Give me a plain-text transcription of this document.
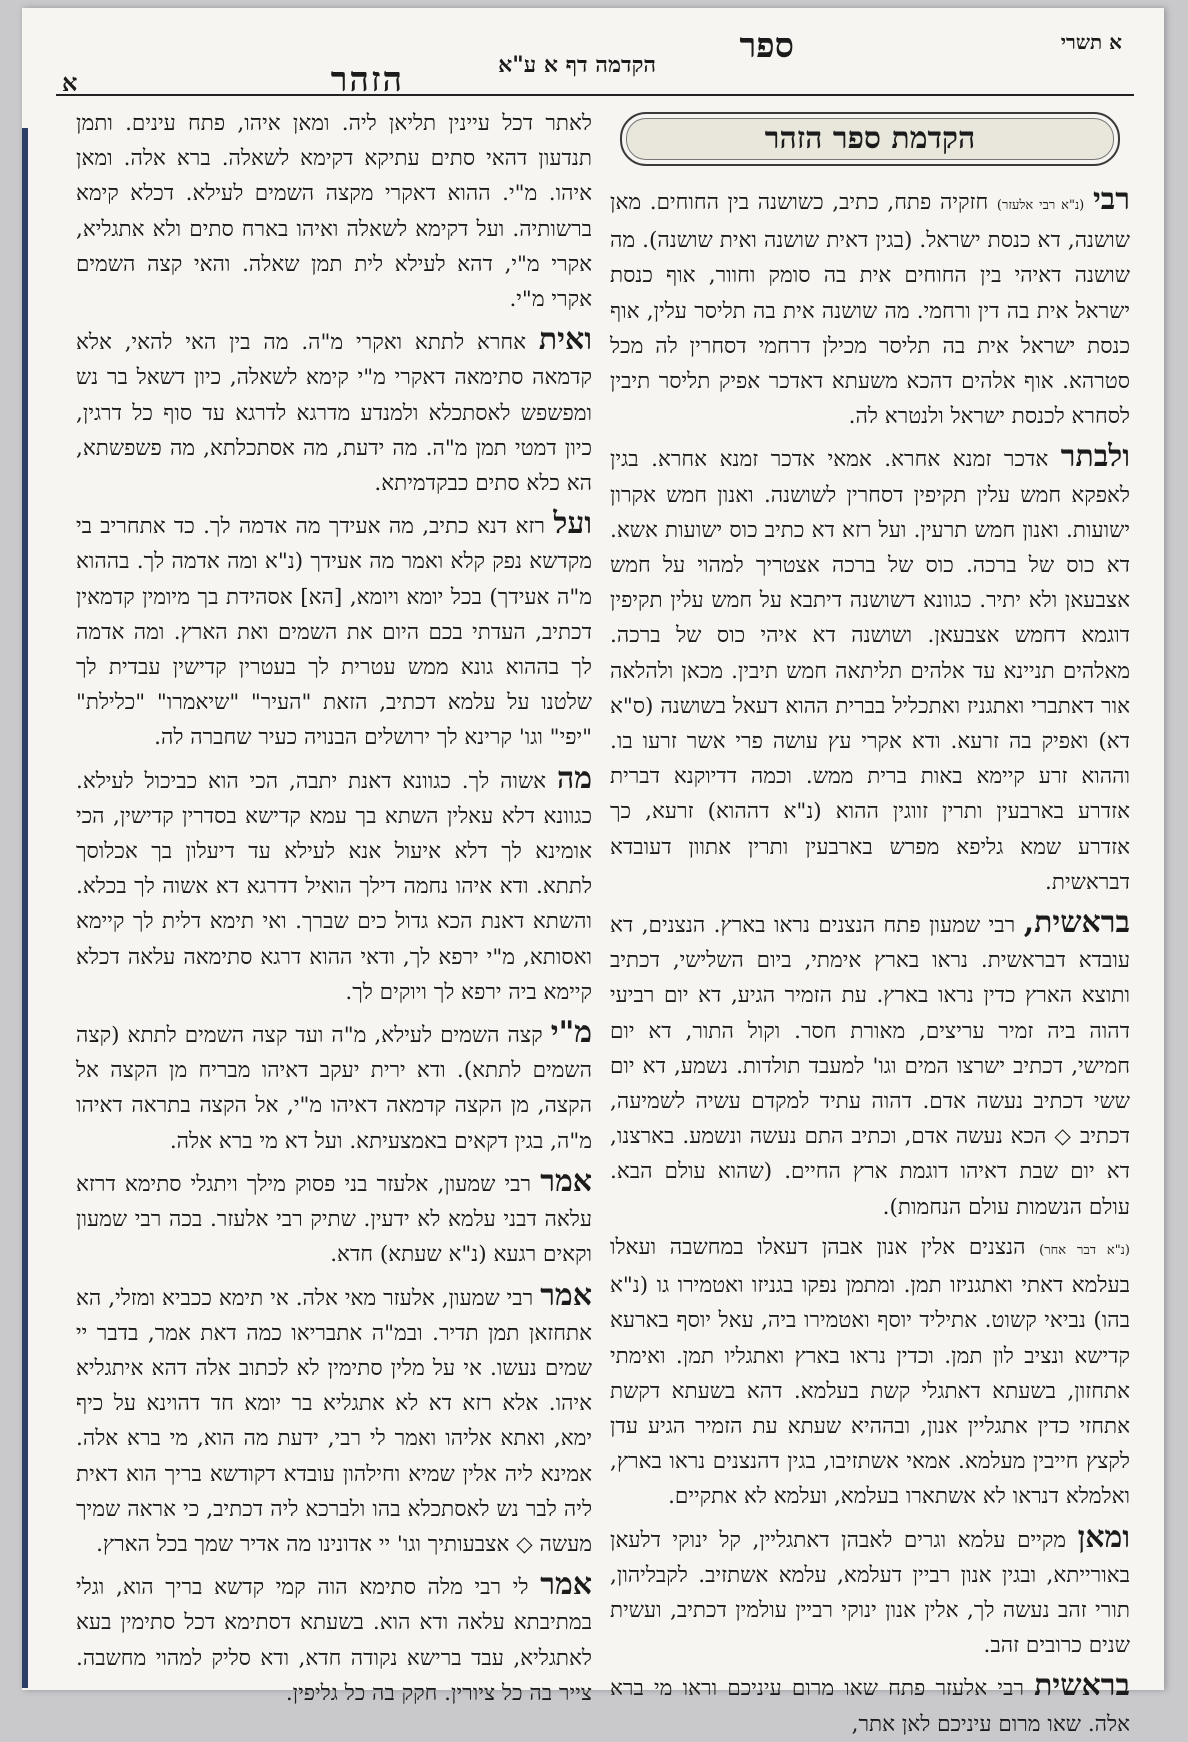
א תשרי
ספר
הקדמה דף א ע"א
הזהר
א
הקדמת ספר הזהר

רבי (נ"א רבי אלעזר) חזקיה פתח, כתיב, כשושנה בין החוחים. מאן שושנה, דא כנסת ישראל. (בגין דאית שושנה ואית שושנה). מה שושנה דאיהי בין החוחים אית בה סומק וחוור, אוף כנסת ישראל אית בה דין ורחמי. מה שושנה אית בה תליסר עלין, אוף כנסת ישראל אית בה תליסר מכילן דרחמי דסחרין לה מכל סטרהא. אוף אלהים דהכא משעתא דאדכר אפיק תליסר תיבין לסחרא לכנסת ישראל ולנטרא לה.

ולבתר אדכר זמנא אחרא. אמאי אדכר זמנא אחרא. בגין לאפקא חמש עלין תקיפין דסחרין לשושנה. ואנון חמש אקרון ישועות. ואנון חמש תרעין. ועל רזא דא כתיב כוס ישועות אשא. דא כוס של ברכה. כוס של ברכה אצטריך למהוי על חמש אצבעאן ולא יתיר. כגוונא דשושנה דיתבא על חמש עלין תקיפין דוגמא דחמש אצבעאן. ושושנה דא איהי כוס של ברכה. מאלהים תניינא עד אלהים תליתאה חמש תיבין. מכאן ולהלאה אור דאתברי ואתגניז ואתכליל בברית ההוא דעאל בשושנה (ס"א דא) ואפיק בה זרעא. ודא אקרי עץ עושה פרי אשר זרעו בו. וההוא זרע קיימא באות ברית ממש. וכמה דדיוקנא דברית אזדרע בארבעין ותרין זווגין ההוא (נ"א דההוא) זרעא, כך אזדרע שמא גליפא מפרש בארבעין ותרין אתוון דעובדא דבראשית.

בראשית, רבי שמעון פתח הנצנים נראו בארץ. הנצנים, דא עובדא דבראשית. נראו בארץ אימתי, ביום השלישי, דכתיב ותוצא הארץ כדין נראו בארץ. עת הזמיר הגיע, דא יום רביעי דהוה ביה זמיר עריצים, מאורת חסר. וקול התור, דא יום חמישי, דכתיב ישרצו המים וגו' למעבד תולדות. נשמע, דא יום ששי דכתיב נעשה אדם. דהוה עתיד למקדם עשיה לשמיעה, דכתיב ◇ הכא נעשה אדם, וכתיב התם נעשה ונשמע. בארצנו, דא יום שבת דאיהו דוגמת ארץ החיים. (שהוא עולם הבא. עולם הנשמות עולם הנחמות).

(נ"א דבר אחר) הנצנים אלין אנון אבהן דעאלו במחשבה ועאלו בעלמא דאתי ואתגניזו תמן. ומתמן נפקו בגניזו ואטמירו גו (נ"א בהו) נביאי קשוט. אתיליד יוסף ואטמירו ביה, עאל יוסף בארעא קדישא ונציב לון תמן. וכדין נראו בארץ ואתגליו תמן. ואימתי אתחזון, בשעתא דאתגלי קשת בעלמא. דהא בשעתא דקשת אתחזי כדין אתגליין אנון, ובההיא שעתא עת הזמיר הגיע עדן לקצץ חייבין מעלמא. אמאי אשתזיבו, בגין דהנצנים נראו בארץ, ואלמלא דנראו לא אשתארו בעלמא, ועלמא לא אתקיים.

ומאן מקיים עלמא וגרים לאבהן דאתגליין, קל ינוקי דלעאן באורייתא, ובגין אנון רביין דעלמא, עלמא אשתזיב. לקבליהון, תורי זהב נעשה לך, אלין אנון ינוקי רביין עולמין דכתיב, ועשית שנים כרובים זהב.

בראשית רבי אלעזר פתח שאו מרום עיניכם וראו מי ברא אלה. שאו מרום עיניכם לאן אתר,

לאתר דכל עיינין תליאן ליה. ומאן איהו, פתח עינים. ותמן תנדעון דהאי סתים עתיקא דקימא לשאלה. ברא אלה. ומאן איהו. מ"י. ההוא דאקרי מקצה השמים לעילא. דכלא קימא ברשותיה. ועל דקימא לשאלה ואיהו בארח סתים ולא אתגליא, אקרי מ"י, דהא לעילא לית תמן שאלה. והאי קצה השמים אקרי מ"י.

ואית אחרא לתתא ואקרי מ"ה. מה בין האי להאי, אלא קדמאה סתימאה דאקרי מ"י קימא לשאלה, כיון דשאל בר נש ומפשפש לאסתכלא ולמנדע מדרגא לדרגא עד סוף כל דרגין, כיון דמטי תמן מ"ה. מה ידעת, מה אסתכלתא, מה פשפשתא, הא כלא סתים כבקדמיתא.

ועל רזא דנא כתיב, מה אעידך מה אדמה לך. כד אתחריב בי מקדשא נפק קלא ואמר מה אעידך (נ"א ומה אדמה לך. בההוא מ"ה אעידך) בכל יומא ויומא, [הא] אסהידת בך מיומין קדמאין דכתיב, העדתי בכם היום את השמים ואת הארץ. ומה אדמה לך בההוא גונא ממש עטרית לך בעטרין קדישין עבדית לך שלטנו על עלמא דכתיב, הזאת "העיר" "שיאמרו" "כלילת" "יפי" וגו' קרינא לך ירושלים הבנויה כעיר שחברה לה.

מה אשוה לך. כגוונא דאנת יתבה, הכי הוא כביכול לעילא. כגוונא דלא עאלין השתא בך עמא קדישא בסדרין קדישין, הכי אומינא לך דלא איעול אנא לעילא עד דיעלון בך אכלוסך לתתא. ודא איהו נחמה דילך הואיל דדרגא דא אשוה לך בכלא. והשתא דאנת הכא גדול כים שברך. ואי תימא דלית לך קיימא ואסותא, מ"י ירפא לך, ודאי ההוא דרגא סתימאה עלאה דכלא קיימא ביה ירפא לך ויוקים לך.

מ"י קצה השמים לעילא, מ"ה ועד קצה השמים לתתא (קצה השמים לתתא). ודא ירית יעקב דאיהו מבריח מן הקצה אל הקצה, מן הקצה קדמאה דאיהו מ"י, אל הקצה בתראה דאיהו מ"ה, בגין דקאים באמצעיתא. ועל דא מי ברא אלה.

אמר רבי שמעון, אלעזר בני פסוק מילך ויתגלי סתימא דרזא עלאה דבני עלמא לא ידעין. שתיק רבי אלעזר. בכה רבי שמעון וקאים רגעא (נ"א שעתא) חדא.

אמר רבי שמעון, אלעזר מאי אלה. אי תימא ככביא ומזלי, הא אתחזאן תמן תדיר. ובמ"ה אתבריאו כמה דאת אמר, בדבר יי שמים נעשו. אי על מלין סתימין לא לכתוב אלה דהא איתגליא איהו. אלא רזא דא לא אתגליא בר יומא חד דהוינא על כיף ימא, ואתא אליהו ואמר לי רבי, ידעת מה הוא, מי ברא אלה. אמינא ליה אלין שמיא וחילהון עובדא דקודשא בריך הוא דאית ליה לבר נש לאסתכלא בהו ולברכא ליה דכתיב, כי אראה שמיך מעשה ◇ אצבעותיך וגו' יי אדונינו מה אדיר שמך בכל הארץ.

אמר לי רבי מלה סתימא הוה קמי קדשא בריך הוא, וגלי במתיבתא עלאה ודא הוא. בשעתא דסתימא דכל סתימין בעא לאתגליא, עבד ברישא נקודה חדא, ודא סליק למהוי מחשבה. צייר בה כל ציורין. חקק בה כל גליפין.
